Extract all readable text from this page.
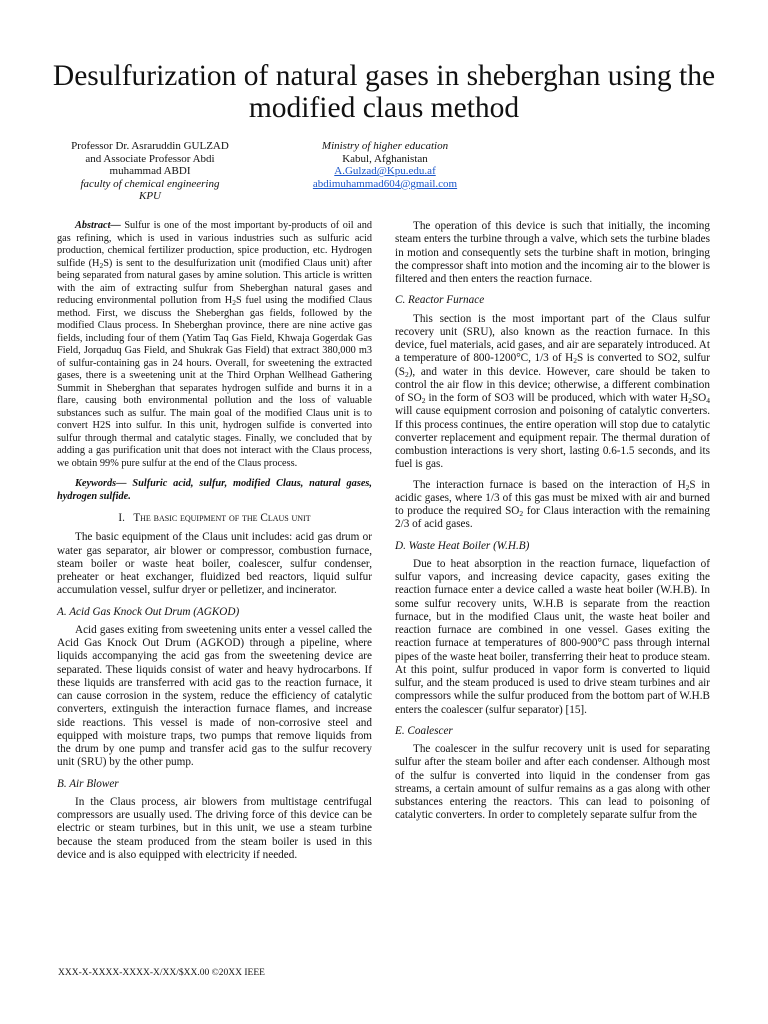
Desulfurization of natural gases in sheberghan using the modified claus method
Professor Dr. Asraruddin GULZAD
and Associate Professor Abdi
muhammad ABDI
faculty of chemical engineering
KPU
Ministry of higher education
Kabul, Afghanistan
A.Gulzad@Kpu.edu.af
abdimuhammad604@gmail.com

Abstract— Sulfur is one of the most important by-products of oil and gas refining, which is used in various industries such as sulfuric acid production, chemical fertilizer production, spice production, etc. Hydrogen sulfide $(H_2S)$ is sent to the desulfurization unit (modified Claus unit) after being separated from natural gases by amine solution. This article is written with the aim of extracting sulfur from Sheberghan natural gases and reducing environmental pollution from $H_2S$ fuel using the modified Claus method. First, we discuss the Sheberghan gas fields, followed by the modified Claus process. In Sheberghan province, there are nine active gas fields, including four of them (Yatim Taq Gas Field, Khwaja Gogerdak Gas Field, Jorqaduq Gas Field, and Shukrak Gas Field) that extract 380,000 m3 of sulfur-containing gas in 24 hours. Overall, for sweetening the extracted gases, there is a sweetening unit at the Third Orphan Wellhead Gathering Summit in Sheberghan that separates hydrogen sulfide and burns it in a flare, causing both environmental pollution and the loss of valuable substances such as sulfur. The main goal of the modified Claus unit is to convert H2S into sulfur. In this unit, hydrogen sulfide is converted into sulfur through thermal and catalytic stages. Finally, we concluded that by adding a gas purification unit that does not interact with the Claus process, we obtain 99% pure sulfur at the end of the Claus process.

Keywords— Sulfuric acid, sulfur, modified Claus, natural gases, hydrogen sulfide.

I. The basic equipment of the Claus unit

The basic equipment of the Claus unit includes: acid gas drum or water gas separator, air blower or compressor, combustion furnace, steam boiler or waste heat boiler, coalescer, sulfur condenser, preheater or heat exchanger, fluidized bed reactors, liquid sulfur accumulation vessel, sulfur dryer or pelletizer, and incinerator.

A. Acid Gas Knock Out Drum (AGKOD)

Acid gases exiting from sweetening units enter a vessel called the Acid Gas Knock Out Drum (AGKOD) through a pipeline, where liquids accompanying the acid gas from the sweetening device are separated. These liquids consist of water and heavy hydrocarbons. If these liquids are transferred with acid gas to the reaction furnace, it can cause corrosion in the system, reduce the efficiency of catalytic converters, extinguish the interaction furnace flames, and increase side reactions. This vessel is made of non-corrosive steel and equipped with moisture traps, two pumps that remove liquids from the drum by one pump and transfer acid gas to the sulfur recovery unit (SRU) by the other pump.

B. Air Blower

In the Claus process, air blowers from multistage centrifugal compressors are usually used. The driving force of this device can be electric or steam turbines, but in this unit, we use a steam turbine because the steam produced from the steam boiler is used in this device and is also equipped with electricity if needed.

The operation of this device is such that initially, the incoming steam enters the turbine through a valve, which sets the turbine blades in motion and consequently sets the turbine shaft in motion, bringing the compressor shaft into motion and the incoming air to the blower is filtered and then enters the reaction furnace.

C. Reactor Furnace

This section is the most important part of the Claus sulfur recovery unit (SRU), also known as the reaction furnace. In this device, fuel materials, acid gases, and air are separately introduced. At a temperature of 800-1200°C, 1/3 of $H_2S$ is converted to SO2, sulfur $(S_2)$, and water in this device. However, care should be taken to control the air flow in this device; otherwise, a different combination of $SO_2$ in the form of SO3 will be produced, which with water $H_2SO_4$ will cause equipment corrosion and poisoning of catalytic converters. If this process continues, the entire operation will stop due to catalytic converter replacement and equipment repair. The thermal duration of combustion interactions is very short, lasting 0.6-1.5 seconds, and its fuel is gas.

The interaction furnace is based on the interaction of $H_2S$ in acidic gases, where 1/3 of this gas must be mixed with air and burned to produce the required $SO_2$ for Claus interaction with the remaining 2/3 of acid gases.

D. Waste Heat Boiler (W.H.B)

Due to heat absorption in the reaction furnace, liquefaction of sulfur vapors, and increasing device capacity, gases exiting the reaction furnace enter a device called a waste heat boiler (W.H.B). In some sulfur recovery units, W.H.B is separate from the reaction furnace, but in the modified Claus unit, the waste heat boiler and reaction furnace are combined in one vessel. Gases exiting the reaction furnace at temperatures of 800-900°C pass through internal pipes of the waste heat boiler, transferring their heat to produce steam. At this point, sulfur produced in vapor form is converted to liquid sulfur, and the steam produced is used to drive steam turbines and air compressors while the sulfur produced from the bottom part of W.H.B enters the coalescer (sulfur separator) [15].

E. Coalescer

The coalescer in the sulfur recovery unit is used for separating sulfur after the steam boiler and after each condenser. Although most of the sulfur is converted into liquid in the condenser from gas streams, a certain amount of sulfur remains as a gas along with other substances entering the reactors. This can lead to poisoning of catalytic converters. In order to completely separate sulfur from the

XXX-X-XXXX-XXXX-X/XX/$XX.00 ©20XX IEEE
